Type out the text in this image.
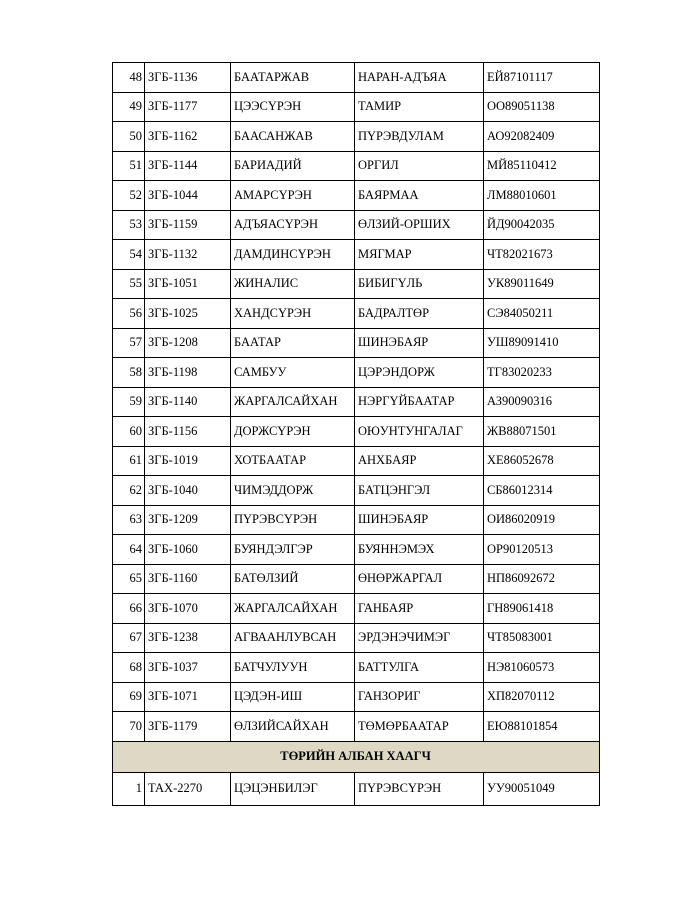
48	ЗГБ-1136	БААТАРЖАВ	НАРАН-АДЪЯА	ЕЙ87101117
49	ЗГБ-1177	ЦЭЭСҮРЭН	ТАМИР	ОО89051138
50	ЗГБ-1162	БААСАНЖАВ	ПҮРЭВДУЛАМ	АО92082409
51	ЗГБ-1144	БАРИАДИЙ	ОРГИЛ	МЙ85110412
52	ЗГБ-1044	АМАРСҮРЭН	БАЯРМАА	ЛМ88010601
53	ЗГБ-1159	АДЪЯАСҮРЭН	ӨЛЗИЙ-ОРШИХ	ЙД90042035
54	ЗГБ-1132	ДАМДИНСҮРЭН	МЯГМАР	ЧТ82021673
55	ЗГБ-1051	ЖИНАЛИС	БИБИГҮЛЬ	УК89011649
56	ЗГБ-1025	ХАНДСҮРЭН	БАДРАЛТӨР	СЭ84050211
57	ЗГБ-1208	БААТАР	ШИНЭБАЯР	УШ89091410
58	ЗГБ-1198	САМБУУ	ЦЭРЭНДОРЖ	ТГ83020233
59	ЗГБ-1140	ЖАРГАЛСАЙХАН	НЭРГҮЙБААТАР	АЗ90090316
60	ЗГБ-1156	ДОРЖСҮРЭН	ОЮУНТУНГАЛАГ	ЖВ88071501
61	ЗГБ-1019	ХОТБААТАР	АНХБАЯР	ХЕ86052678
62	ЗГБ-1040	ЧИМЭДДОРЖ	БАТЦЭНГЭЛ	СБ86012314
63	ЗГБ-1209	ПҮРЭВСҮРЭН	ШИНЭБАЯР	ОИ86020919
64	ЗГБ-1060	БУЯНДЭЛГЭР	БУЯННЭМЭХ	ОР90120513
65	ЗГБ-1160	БАТӨЛЗИЙ	ӨНӨРЖАРГАЛ	НП86092672
66	ЗГБ-1070	ЖАРГАЛСАЙХАН	ГАНБАЯР	ГН89061418
67	ЗГБ-1238	АГВААНЛУВСАН	ЭРДЭНЭЧИМЭГ	ЧТ85083001
68	ЗГБ-1037	БАТЧУЛУУН	БАТТУЛГА	НЭ81060573
69	ЗГБ-1071	ЦЭДЭН-ИШ	ГАНЗОРИГ	ХП82070112
70	ЗГБ-1179	ӨЛЗИЙСАЙХАН	ТӨМӨРБААТАР	ЕЮ88101854
ТӨРИЙН АЛБАН ХААГЧ				
1	ТАХ-2270	ЦЭЦЭНБИЛЭГ	ПҮРЭВСҮРЭН	УУ90051049
